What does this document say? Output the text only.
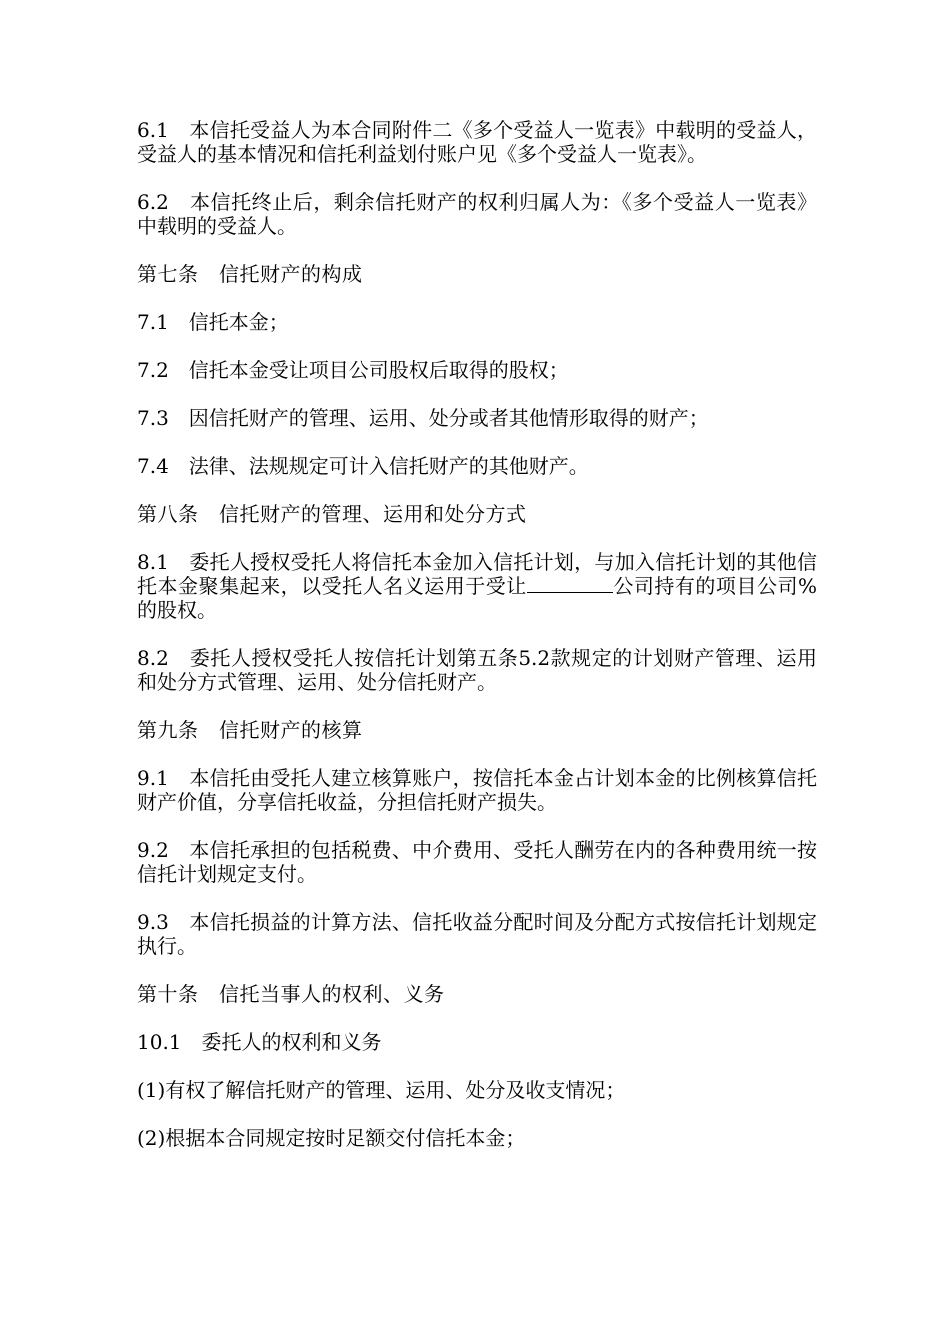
6.1　本信托受益人为本合同附件二《多个受益人一览表》中载明的受益人，受益人的基本情况和信托利益划付账户见《多个受益人一览表》。

6.2　本信托终止后，剩余信托财产的权利归属人为：《多个受益人一览表》中载明的受益人。

第七条　信托财产的构成

7.1　信托本金；

7.2　信托本金受让项目公司股权后取得的股权；

7.3　因信托财产的管理、运用、处分或者其他情形取得的财产；

7.4　法律、法规规定可计入信托财产的其他财产。

第八条　信托财产的管理、运用和处分方式

8.1　委托人授权受托人将信托本金加入信托计划，与加入信托计划的其他信托本金聚集起来，以受托人名义运用于受让	公司持有的项目公司%的股权。

8.2　委托人授权受托人按信托计划第五条5.2款规定的计划财产管理、运用和处分方式管理、运用、处分信托财产。

第九条　信托财产的核算

9.1　本信托由受托人建立核算账户，按信托本金占计划本金的比例核算信托财产价值，分享信托收益，分担信托财产损失。

9.2　本信托承担的包括税费、中介费用、受托人酬劳在内的各种费用统一按信托计划规定支付。

9.3　本信托损益的计算方法、信托收益分配时间及分配方式按信托计划规定执行。

第十条　信托当事人的权利、义务

10.1　委托人的权利和义务

(1)有权了解信托财产的管理、运用、处分及收支情况；

(2)根据本合同规定按时足额交付信托本金；
